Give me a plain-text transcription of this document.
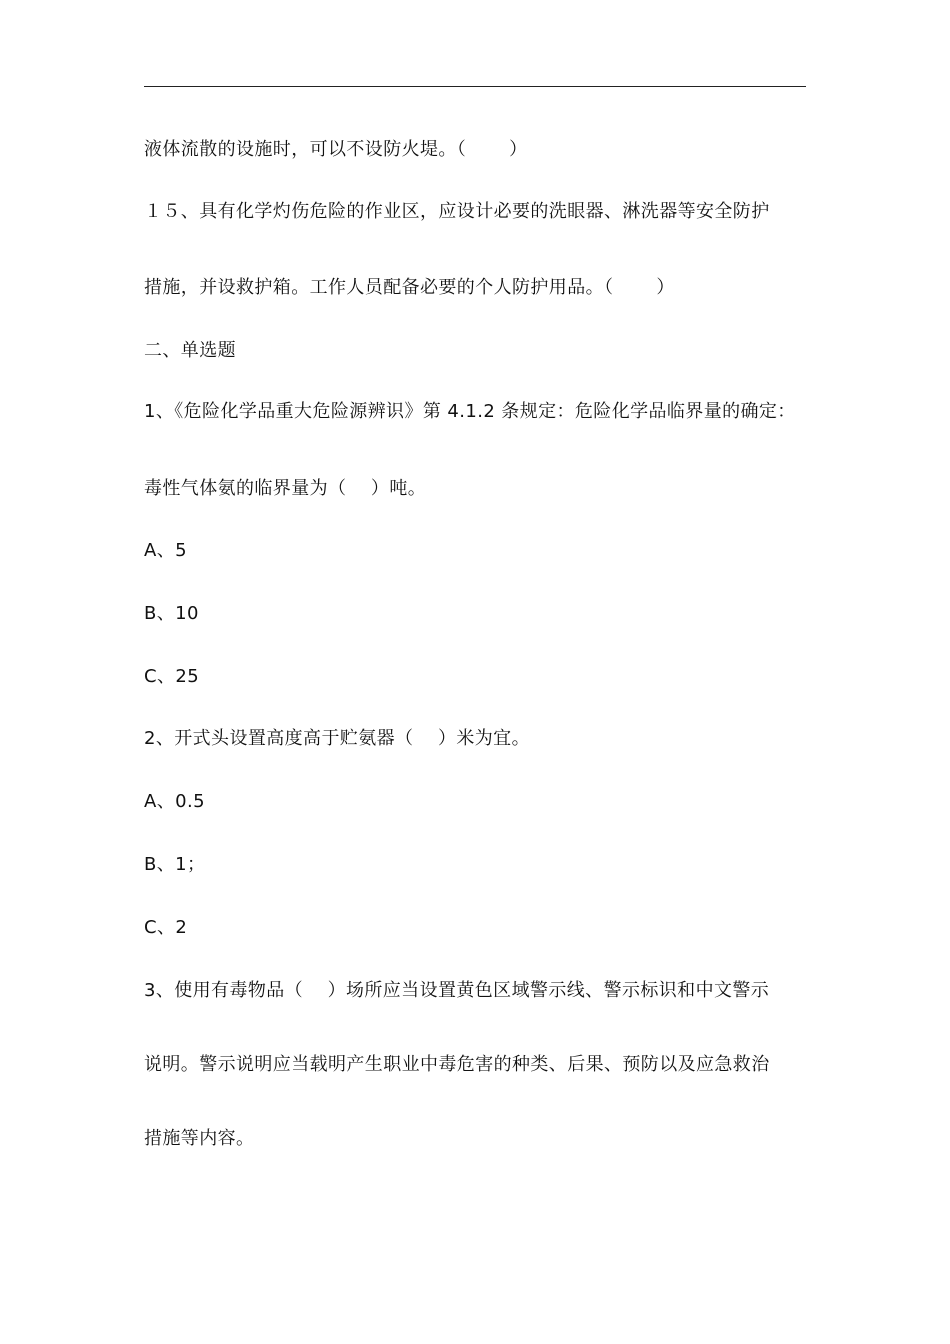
液体流散的设施时，可以不设防火堤。（　　 ）
１５、具有化学灼伤危险的作业区，应设计必要的洗眼器、淋洗器等安全防护
措施，并设救护箱。工作人员配备必要的个人防护用品。（　　 ）
二、单选题
1、《危险化学品重大危险源辨识》第 4.1.2 条规定：危险化学品临界量的确定：
毒性气体氨的临界量为（　 ）吨。
A、5
B、10
C、25
2、开式头设置高度高于贮氨器（　 ）米为宜。
A、0.5
B、1；
C、2
3、使用有毒物品（　 ）场所应当设置黄色区域警示线、警示标识和中文警示
说明。警示说明应当载明产生职业中毒危害的种类、后果、预防以及应急救治
措施等内容。
